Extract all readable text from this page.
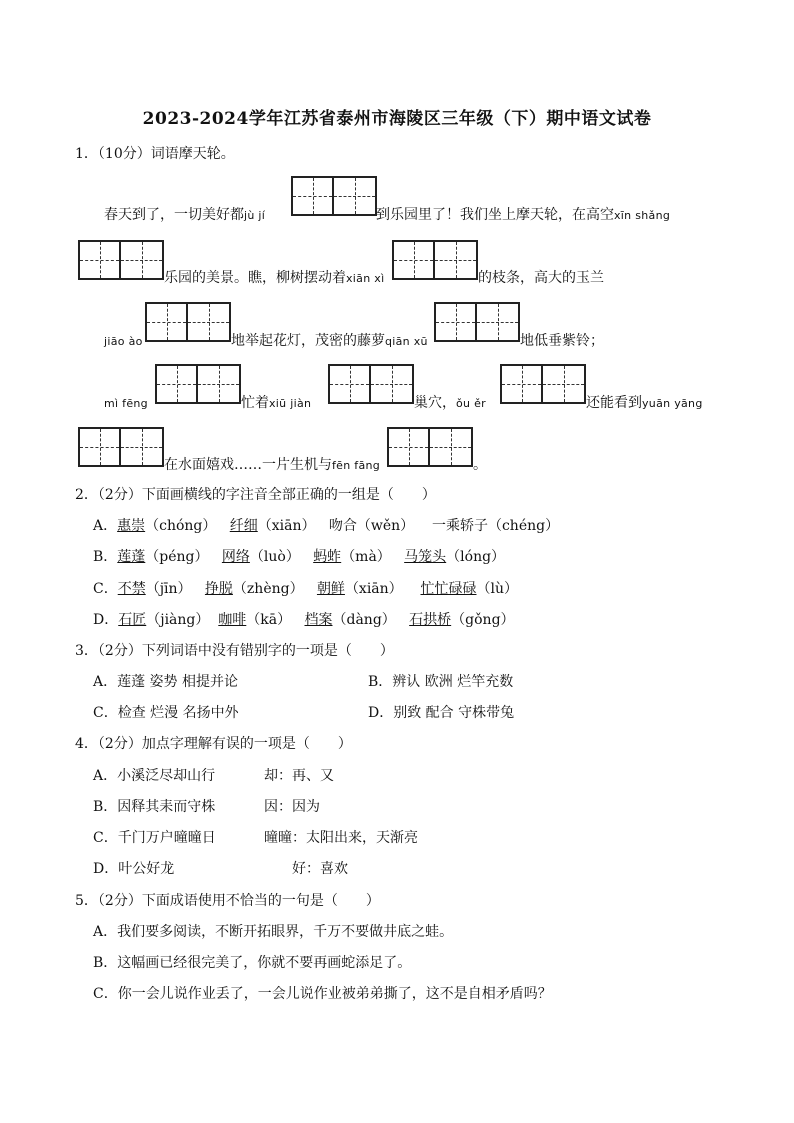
2023-2024学年江苏省泰州市海陵区三年级（下）期中语文试卷
1．（10分）词语摩天轮。
春天到了，一切美好都jù jí	到乐园里了！我们坐上摩天轮，在高空xīn shǎng
乐园的美景。瞧，柳树摆动着xiān xì	的枝条，高大的玉兰
jiāo ào	地举起花灯，茂密的藤萝qiān xū	地低垂紫铃；
mì fēng	忙着xiū jiàn	巢穴，ǒu ěr	还能看到yuān yāng
在水面嬉戏……一片生机与fēn fāng	。
2．（2分）下面画横线的字注音全部正确的一组是（　　）
A．惠崇（chóng） 纤细（xiān） 吻合（wěn） 一乘轿子（chéng）
B．莲蓬（péng） 网络（luò） 蚂蚱（mà） 马笼头（lóng）
C．不禁（jīn） 挣脱（zhèng） 朝鲜（xiān） 忙忙碌碌（lù）
D．石匠（jiàng） 咖啡（kā） 档案（dàng） 石拱桥（gǒng）
3．（2分）下列词语中没有错别字的一项是（　　）
A．莲蓬 姿势 相提并论	B．辨认 欧洲 烂竿充数
C．检查 烂漫 名扬中外	D．别致 配合 守株带兔
4．（2分）加点字理解有误的一项是（　　）
A．小溪泛尽却山行	却：再、又
B．因释其耒而守株	因：因为
C．千门万户曈曈日	曈曈：太阳出来，天渐亮
D．叶公好龙	好：喜欢
5．（2分）下面成语使用不恰当的一句是（　　）
A．我们要多阅读，不断开拓眼界，千万不要做井底之蛙。
B．这幅画已经很完美了，你就不要再画蛇添足了。
C．你一会儿说作业丢了，一会儿说作业被弟弟撕了，这不是自相矛盾吗？
